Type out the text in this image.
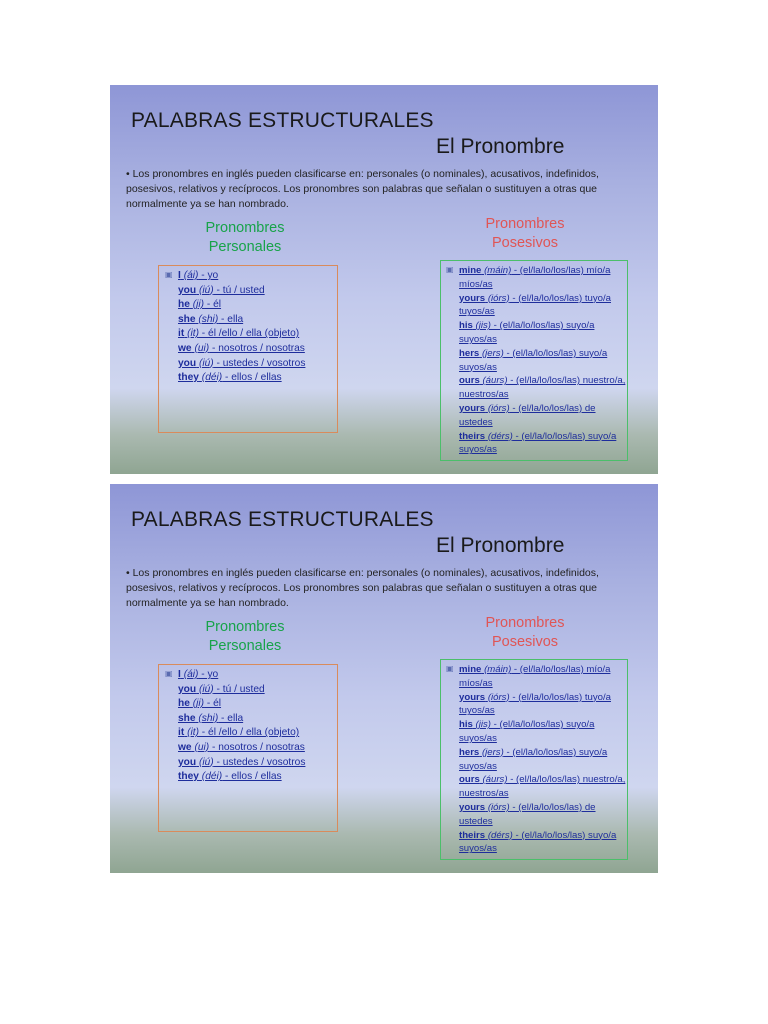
PALABRAS ESTRUCTURALES
El Pronombre
• Los pronombres en inglés pueden clasificarse en: personales (o nominales), acusativos, indefinidos, posesivos, relativos y recíprocos. Los pronombres son palabras que señalan o sustituyen a otras que normalmente ya se han nombrado.
Pronombres
Personales
Pronombres
Posesivos
▣ I (ái) - yo
you (iú) - tú / usted
he (ji) - él
she (shi) - ella
it (it) - él /ello / ella (objeto)
we (ui) - nosotros / nosotras
you (iú) - ustedes / vosotros
they (déi) - ellos / ellas
▣ mine (máin) - (el/la/lo/los/las) mío/a míos/as
yours (iórs) - (el/la/lo/los/las) tuyo/a tuyos/as
his (jis) - (el/la/lo/los/las) suyo/a suyos/as
hers (jers) - (el/la/lo/los/las) suyo/a suyos/as
ours (áurs) - (el/la/lo/los/las) nuestro/a, nuestros/as
yours (iórs) - (el/la/lo/los/las) de ustedes
theirs (dérs) - (el/la/lo/los/las) suyo/a suyos/as
PALABRAS ESTRUCTURALES
El Pronombre
• Los pronombres en inglés pueden clasificarse en: personales (o nominales), acusativos, indefinidos, posesivos, relativos y recíprocos. Los pronombres son palabras que señalan o sustituyen a otras que normalmente ya se han nombrado.
Pronombres
Personales
Pronombres
Posesivos
▣ I (ái) - yo
you (iú) - tú / usted
he (ji) - él
she (shi) - ella
it (it) - él /ello / ella (objeto)
we (ui) - nosotros / nosotras
you (iú) - ustedes / vosotros
they (déi) - ellos / ellas
▣ mine (máin) - (el/la/lo/los/las) mío/a míos/as
yours (iórs) - (el/la/lo/los/las) tuyo/a tuyos/as
his (jis) - (el/la/lo/los/las) suyo/a suyos/as
hers (jers) - (el/la/lo/los/las) suyo/a suyos/as
ours (áurs) - (el/la/lo/los/las) nuestro/a, nuestros/as
yours (iórs) - (el/la/lo/los/las) de ustedes
theirs (dérs) - (el/la/lo/los/las) suyo/a suyos/as
